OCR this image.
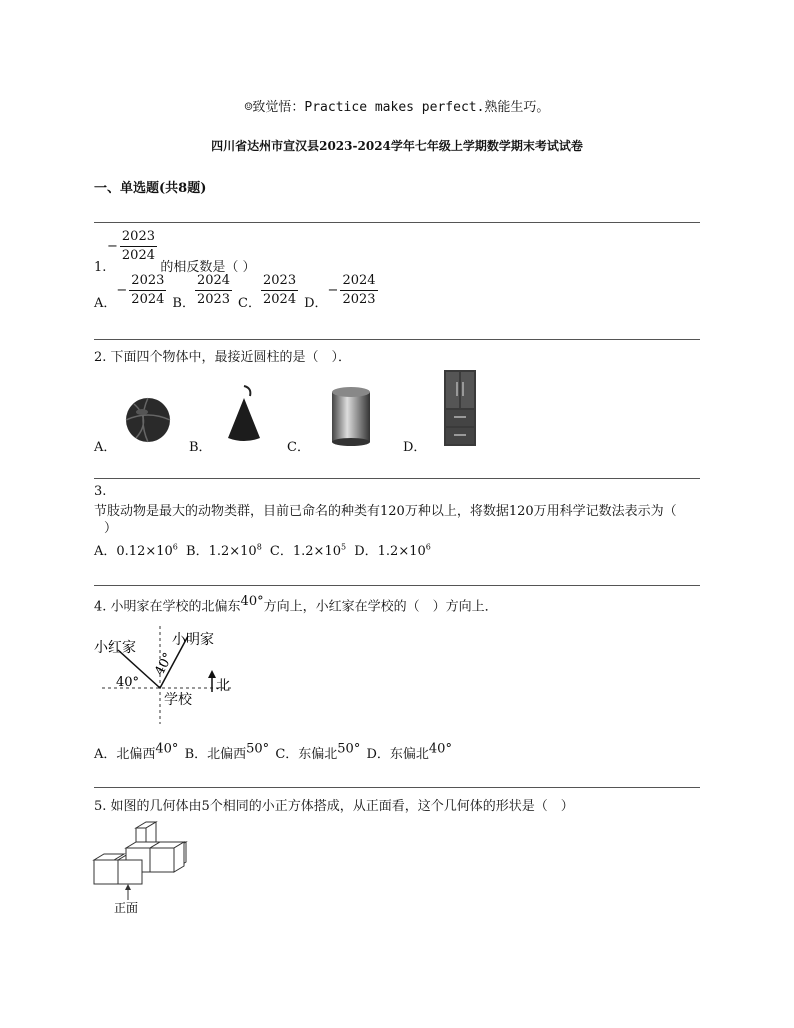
☺致觉悟：Practice makes perfect.熟能生巧。
四川省达州市宣汉县2023-2024学年七年级上学期数学期末考试试卷
一、单选题(共8题)
− $\frac{2023}{2024}$
1.	的相反数是（ ）
A．
− $\frac{2023}{2024}$ B． $\frac{2024}{2023}$ C． $\frac{2023}{2024}$ D．
− $\frac{2024}{2023}$
2. 下面四个物体中，最接近圆柱的是（　）．
A．	B．	C．	D．
3.
节肢动物是最大的动物类群，目前已命名的种类有120万种以上，将数据120万用科学记数法表示为（
）
A．$0.12\times 10^6$ B．$1.2\times 10^8$ C．$1.2\times 10^5$ D．$1.2\times 10^6$
4. 小明家在学校的北偏东40°方向上，小红家在学校的（　）方向上．
小红家	小明家
40°
40°
学校
北
A．北偏西40° B．北偏西50° C．东偏北50° D．东偏北40°
5. 如图的几何体由5个相同的小正方体搭成，从正面看，这个几何体的形状是（　）
正面
